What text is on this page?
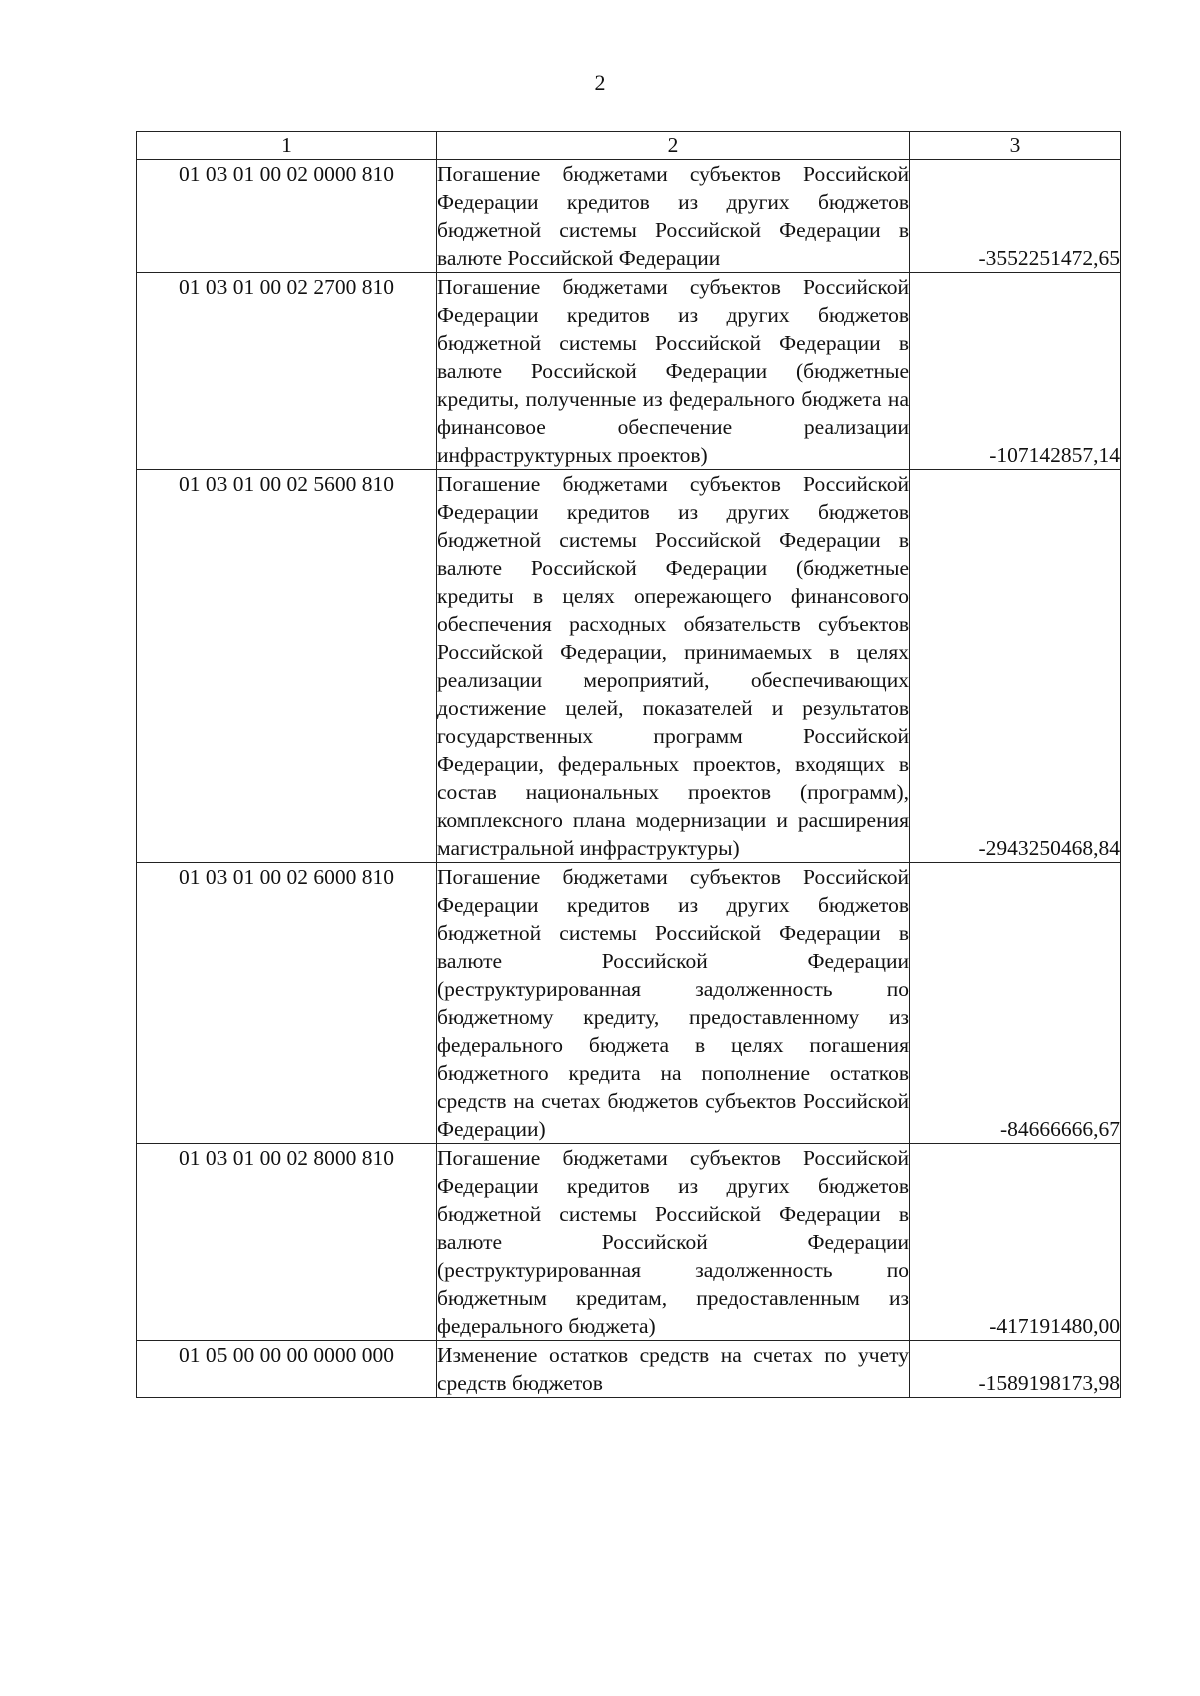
2
1	2	3
01 03 01 00 02 0000 810	Погашение бюджетами субъектов Российской Федерации кредитов из других бюджетов бюджетной системы Российской Федерации в валюте Российской Федерации	-3552251472,65
01 03 01 00 02 2700 810	Погашение бюджетами субъектов Российской Федерации кредитов из других бюджетов бюджетной системы Российской Федерации в валюте Российской Федерации (бюджетные кредиты, полученные из федерального бюджета на финансовое обеспечение реализации инфраструктурных проектов)	-107142857,14
01 03 01 00 02 5600 810	Погашение бюджетами субъектов Российской Федерации кредитов из других бюджетов бюджетной системы Российской Федерации в валюте Российской Федерации (бюджетные кредиты в целях опережающего финансового обеспечения расходных обязательств субъектов Российской Федерации, принимаемых в целях реализации мероприятий, обеспечивающих достижение целей, показателей и результатов государственных программ Российской Федерации, федеральных проектов, входящих в состав национальных проектов (программ), комплексного плана модернизации и расширения магистральной инфраструктуры)	-2943250468,84
01 03 01 00 02 6000 810	Погашение бюджетами субъектов Российской Федерации кредитов из других бюджетов бюджетной системы Российской Федерации в валюте Российской Федерации (реструктурированная задолженность по бюджетному кредиту, предоставленному из федерального бюджета в целях погашения бюджетного кредита на пополнение остатков средств на счетах бюджетов субъектов Российской Федерации)	-84666666,67
01 03 01 00 02 8000 810	Погашение бюджетами субъектов Российской Федерации кредитов из других бюджетов бюджетной системы Российской Федерации в валюте Российской Федерации (реструктурированная задолженность по бюджетным кредитам, предоставленным из федерального бюджета)	-417191480,00
01 05 00 00 00 0000 000	Изменение остатков средств на счетах по учету средств бюджетов	-1589198173,98
